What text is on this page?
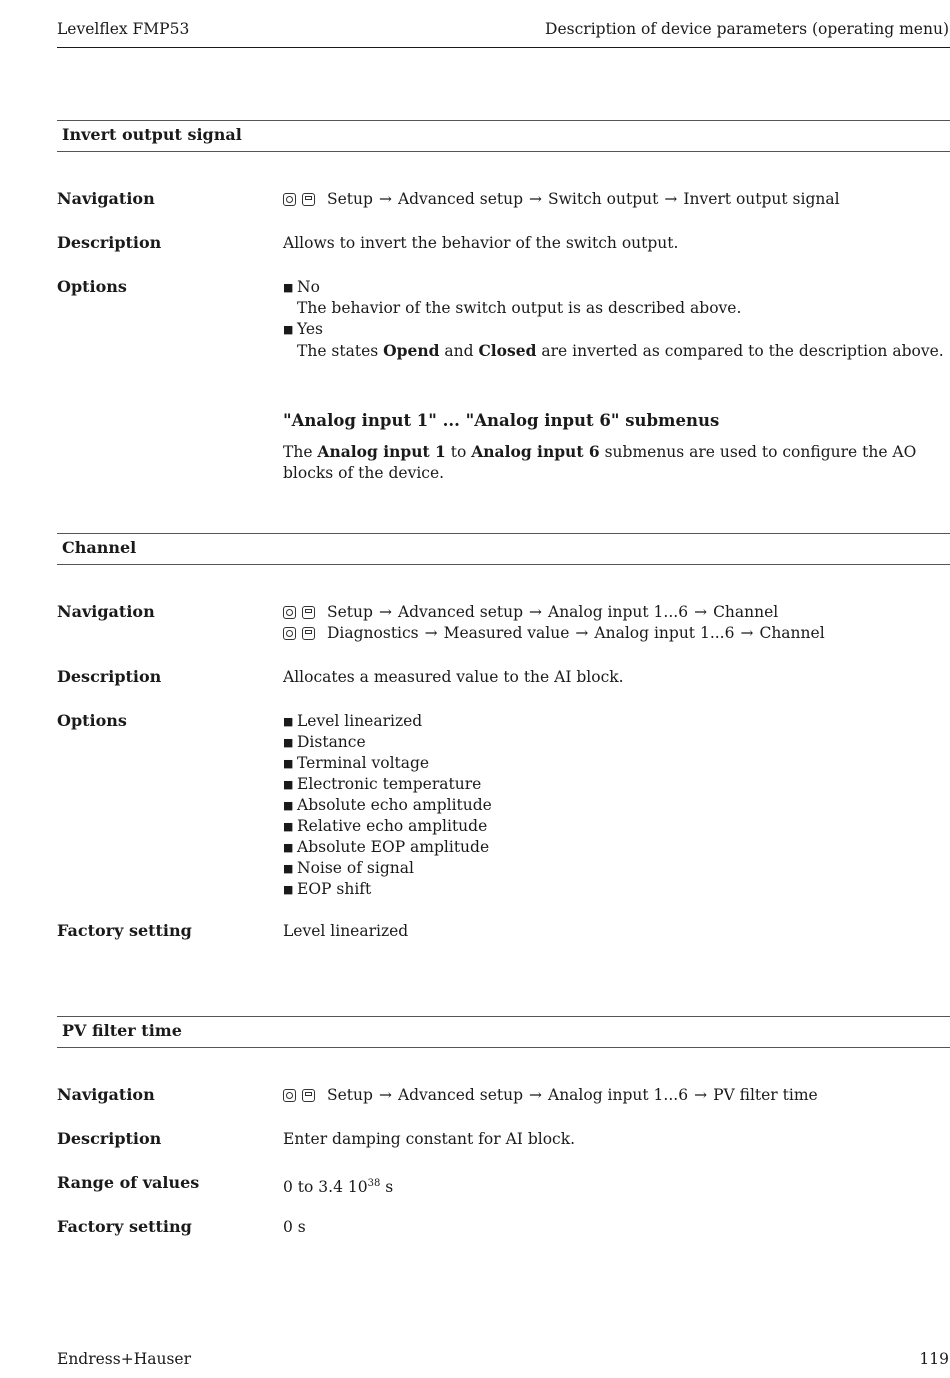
Levelflex FMP53	Description of device parameters (operating menu)
Invert output signal
Navigation	Setup → Advanced setup → Switch output → Invert output signal
Description	Allows to invert the behavior of the switch output.
Options	■ No
The behavior of the switch output is as described above.
■ Yes
The states Opend and Closed are inverted as compared to the description above.
"Analog input 1" ... "Analog input 6" submenus
The Analog input 1 to Analog input 6 submenus are used to configure the AO blocks of the device.
Channel
Navigation	Setup → Advanced setup → Analog input 1...6 → Channel
Diagnostics → Measured value → Analog input 1...6 → Channel
Description	Allocates a measured value to the AI block.
Options	■ Level linearized
■ Distance
■ Terminal voltage
■ Electronic temperature
■ Absolute echo amplitude
■ Relative echo amplitude
■ Absolute EOP amplitude
■ Noise of signal
■ EOP shift
Factory setting	Level linearized
PV filter time
Navigation	Setup → Advanced setup → Analog input 1...6 → PV filter time
Description	Enter damping constant for AI block.
Range of values	0 to 3.4 $10^{38}$ s
Factory setting	0 s
Endress+Hauser	119
